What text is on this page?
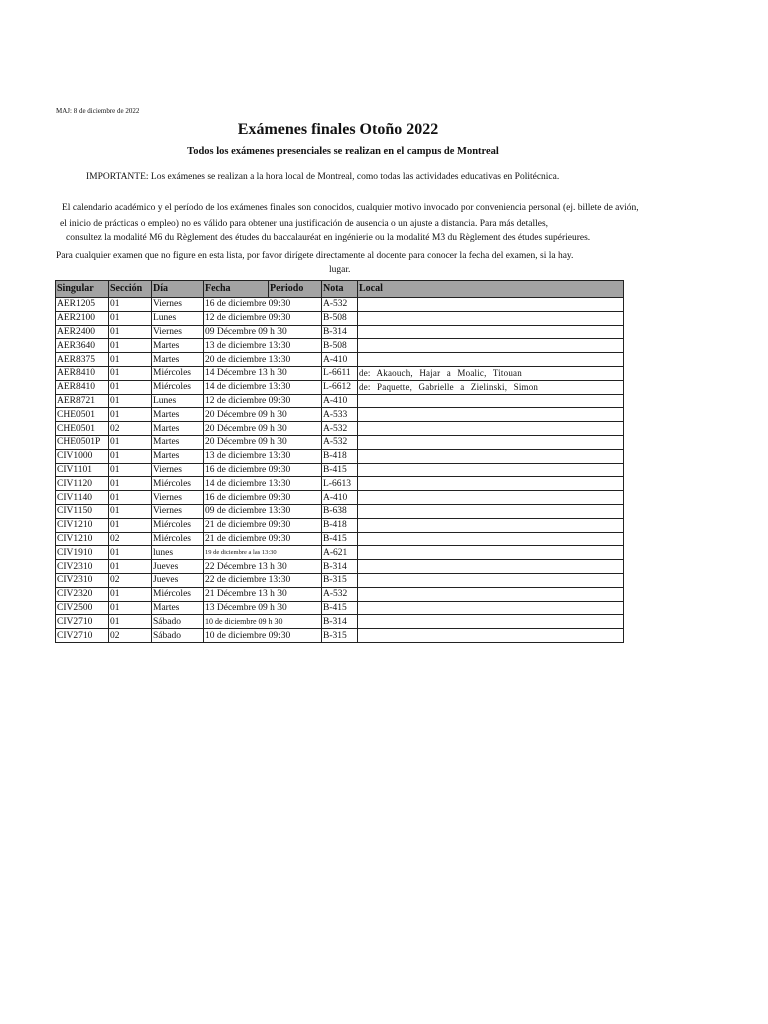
MAJ: 8 de diciembre de 2022
Exámenes finales Otoño 2022
Todos los exámenes presenciales se realizan en el campus de Montreal
IMPORTANTE: Los exámenes se realizan a la hora local de Montreal, como todas las actividades educativas en Politécnica.
El calendario académico y el período de los exámenes finales son conocidos, cualquier motivo invocado por conveniencia personal (ej. billete de avión,
el inicio de prácticas o empleo) no es válido para obtener una justificación de ausencia o un ajuste a distancia. Para más detalles,
consultez la modalité M6 du Règlement des études du baccalauréat en ingénierie ou la modalité M3 du Règlement des études supérieures.
Para cualquier examen que no figure en esta lista, por favor dirígete directamente al docente para conocer la fecha del examen, si la hay.
lugar.
Singular	Sección	Día	Fecha	Periodo	Nota	Local
AER1205	01	Viernes	16 de diciembre 09:30		A-532	
AER2100	01	Lunes	12 de diciembre 09:30		B-508	
AER2400	01	Viernes	09 Décembre 09 h 30		B-314	
AER3640	01	Martes	13 de diciembre 13:30		B-508	
AER8375	01	Martes	20 de diciembre 13:30		A-410	
AER8410	01	Miércoles	14 Décembre 13 h 30		L-6611	de: Akaouch, Hajar a Moalic, Titouan
AER8410	01	Miércoles	14 de diciembre 13:30		L-6612	de: Paquette, Gabrielle a Zielinski, Simon
AER8721	01	Lunes	12 de diciembre 09:30		A-410	
CHE0501	01	Martes	20 Décembre 09 h 30		A-533	
CHE0501	02	Martes	20 Décembre 09 h 30		A-532	
CHE0501P	01	Martes	20 Décembre 09 h 30		A-532	
CIV1000	01	Martes	13 de diciembre 13:30		B-418	
CIV1101	01	Viernes	16 de diciembre 09:30		B-415	
CIV1120	01	Miércoles	14 de diciembre 13:30		L-6613	
CIV1140	01	Viernes	16 de diciembre 09:30		A-410	
CIV1150	01	Viernes	09 de diciembre 13:30		B-638	
CIV1210	01	Miércoles	21 de diciembre 09:30		B-418	
CIV1210	02	Miércoles	21 de diciembre 09:30		B-415	
CIV1910	01	lunes	19 de diciembre a las 13:30		A-621	
CIV2310	01	Jueves	22 Décembre 13 h 30		B-314	
CIV2310	02	Jueves	22 de diciembre 13:30		B-315	
CIV2320	01	Miércoles	21 Décembre 13 h 30		A-532	
CIV2500	01	Martes	13 Décembre 09 h 30		B-415	
CIV2710	01	Sábado	10 de diciembre 09 h 30		B-314	
CIV2710	02	Sábado	10 de diciembre 09:30		B-315	
